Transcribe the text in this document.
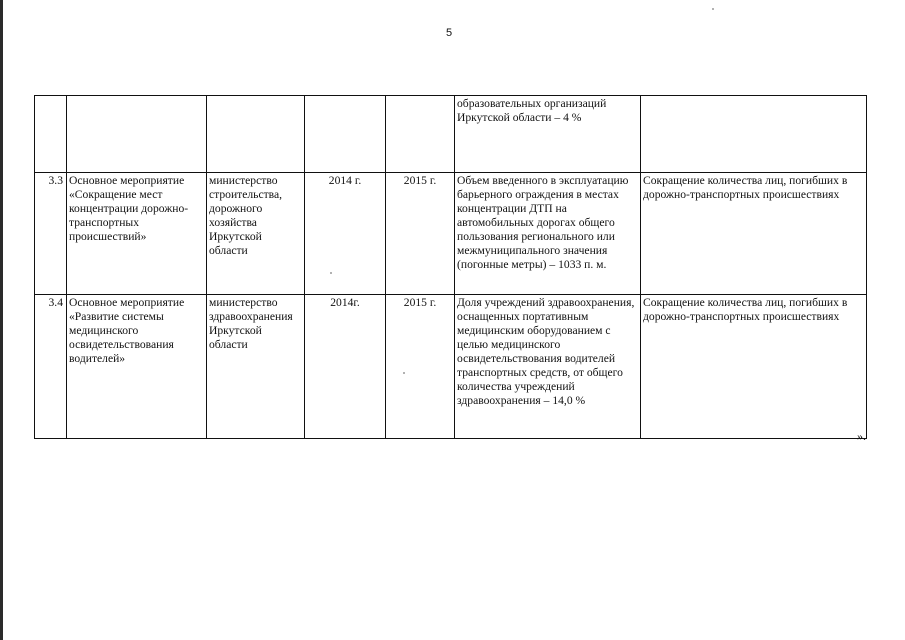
5
					образовательных организаций Иркутской области – 4 %	
3.3	Основное мероприятие «Сокращение мест концентрации дорожно-транспортных происшествий»	министерство строительства, дорожного хозяйства Иркутской области	2014 г.	2015 г.	Объем введенного в эксплуатацию барьерного ограждения в местах концентрации ДТП на автомобильных дорогах общего пользования регионального или межмуниципального значения (погонные метры) – 1033 п. м.	Сокращение количества лиц, погибших в дорожно-транспортных происшествиях
3.4	Основное мероприятие «Развитие системы медицинского освидетельствования водителей»	министерство здравоохранения Иркутской области	2014г.	2015 г.	Доля учреждений здравоохранения, оснащенных портативным медицинским оборудованием с целью медицинского освидетельствования водителей транспортных средств, от общего количества учреждений здравоохранения – 14,0 %	Сокращение количества лиц, погибших в дорожно-транспортных происшествиях
».
